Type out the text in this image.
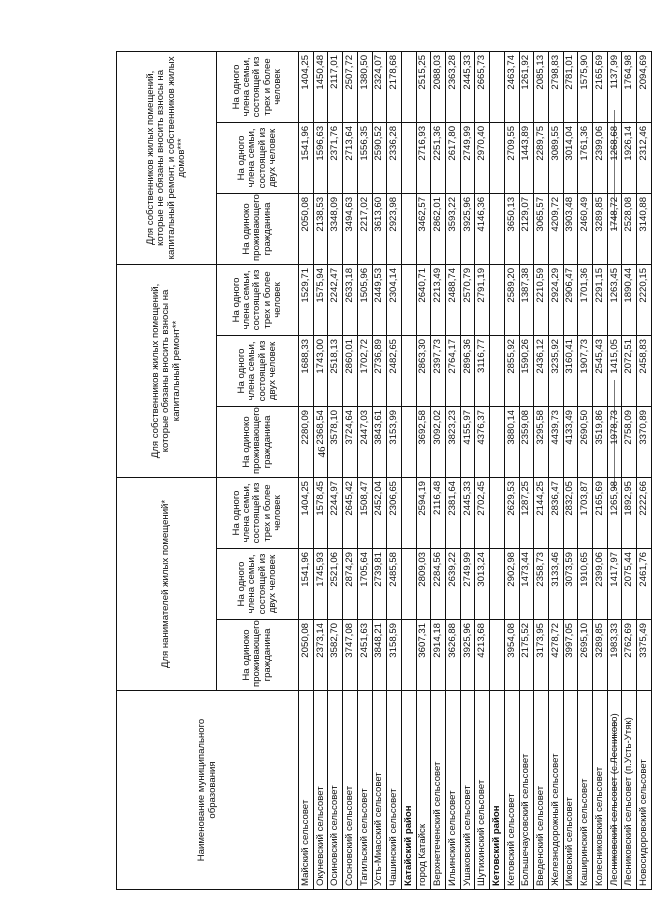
46
Наименование муниципального образования	Для нанимателей жилых помещений*			Для собственников жилых помещений, которые обязаны вносить взносы на капитальный ремонт**			Для собственников жилых помещений, которые не обязаны вносить взносы на капитальный ремонт, и собственников жилых домов***		
	На одиноко проживающего гражданина	На одного члена семьи, состоящей из двух человек	На одного члена семьи, состоящей из трех и более человек	На одиноко проживающего гражданина	На одного члена семьи, состоящей из двух человек	На одного члена семьи, состоящей из трех и более человек	На одиноко проживающего гражданина	На одного члена семьи, состоящей из двух человек	На одного члена семьи, состоящей из трех и более человек
Майский сельсовет	2050,08	1541,96	1404,25	2280,09	1688,33	1529,71	2050,08	1541,96	1404,25
Окуневский сельсовет	2373,14	1745,93	1578,45	2368,54	1743,00	1575,94	2138,53	1596,63	1450,48
Осиновский сельсовет	3582,70	2521,06	2244,97	3578,10	2518,13	2242,47	3348,09	2371,76	2117,01
Сосновский сельсовет	3747,08	2874,29	2645,42	3724,64	2860,01	2633,18	3494,63	2713,64	2507,72
Тагильский сельсовет	2451,63	1705,64	1508,47	2447,03	1702,72	1505,96	2217,02	1556,35	1380,50
Усть-Миасский сельсовет	3848,21	2739,81	2452,04	3843,61	2736,89	2449,53	3613,60	2590,52	2324,07
Чашинский сельсовет	3158,59	2485,58	2306,65	3153,99	2482,65	2304,14	2923,98	2336,28	2178,68
Катайский район									
город Катайск	3607,31	2809,03	2594,19	3692,58	2863,30	2640,71	3462,57	2716,93	2515,25
Верхнетеченский сельсовет	2914,18	2284,56	2116,48	3092,02	2397,73	2213,49	2862,01	2251,36	2088,03
Ильинский сельсовет	3626,88	2639,22	2381,64	3823,23	2764,17	2488,74	3593,22	2617,80	2363,28
Ушаковский сельсовет	3925,96	2749,99	2445,33	4155,97	2896,36	2570,79	3925,96	2749,99	2445,33
Шутихинский сельсовет	4213,68	3013,24	2702,45	4376,37	3116,77	2791,19	4146,36	2970,40	2665,73
Кетовский район									
Кетовский сельсовет	3954,08	2902,98	2629,53	3880,14	2855,92	2589,20	3650,13	2709,55	2463,74
Большечаусовский сельсовет	2175,52	1473,44	1287,25	2359,08	1590,26	1387,38	2129,07	1443,89	1261,92
Введенский сельсовет	3173,95	2358,73	2144,25	3295,58	2436,12	2210,59	3065,57	2289,75	2085,13
Железнодорожный сельсовет	4278,72	3133,46	2836,47	4439,73	3235,92	2924,29	4209,72	3089,55	2798,83
Иковский сельсовет	3997,05	3073,59	2832,05	4133,49	3160,41	2906,47	3903,48	3014,04	2781,01
Каширинский сельсовет	2695,10	1910,65	1703,87	2690,50	1907,73	1701,36	2460,49	1761,36	1575,90
Колесниковский сельсовет	3289,85	2399,06	2165,69	3519,86	2545,43	2291,15	3289,85	2399,06	2165,69
Лесниковский сельсовет (с.Лесниково)	1983,33	1417,97	1265,98	1978,73	1415,05	1263,45	1748,72	1268,68	1137,99
Лесниковский сельсовет (п.Усть-Утяк)	2762,69	2075,44	1892,95	2758,09	2072,51	1890,44	2528,08	1926,14	1764,98
Новосидоровский сельсовет	3375,49	2461,76	2222,66	3370,89	2458,83	2220,15	3140,88	2312,46	2094,69
